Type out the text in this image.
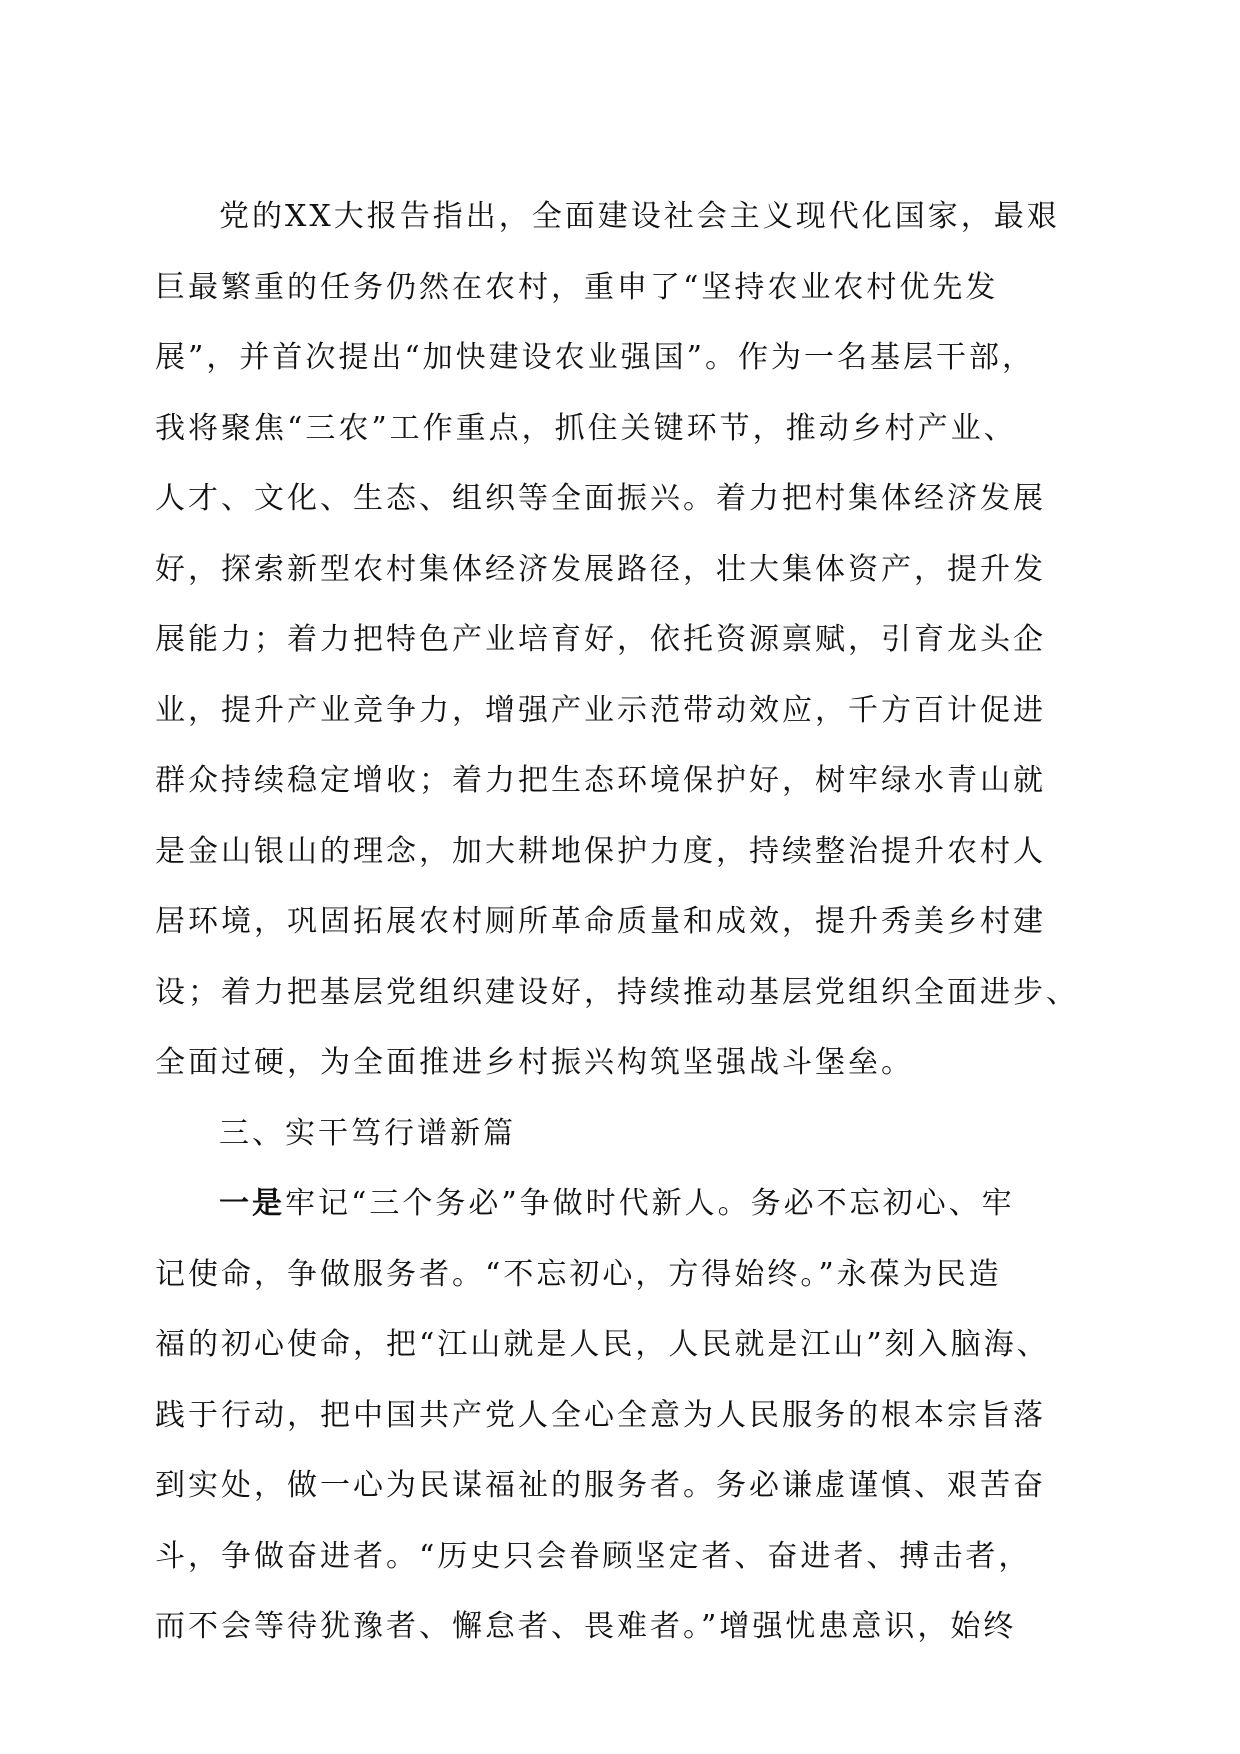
党的XX大报告指出，全面建设社会主义现代化国家，最艰
巨最繁重的任务仍然在农村，重申了“坚持农业农村优先发
展”，并首次提出“加快建设农业强国”。作为一名基层干部，
我将聚焦“三农”工作重点，抓住关键环节，推动乡村产业、
人才、文化、生态、组织等全面振兴。着力把村集体经济发展
好，探索新型农村集体经济发展路径，壮大集体资产，提升发
展能力；着力把特色产业培育好，依托资源禀赋，引育龙头企
业，提升产业竞争力，增强产业示范带动效应，千方百计促进
群众持续稳定增收；着力把生态环境保护好，树牢绿水青山就
是金山银山的理念，加大耕地保护力度，持续整治提升农村人
居环境，巩固拓展农村厕所革命质量和成效，提升秀美乡村建
设；着力把基层党组织建设好，持续推动基层党组织全面进步、
全面过硬，为全面推进乡村振兴构筑坚强战斗堡垒。
三、实干笃行谱新篇
一是牢记“三个务必”争做时代新人。务必不忘初心、牢
记使命，争做服务者。“不忘初心，方得始终。”永葆为民造
福的初心使命，把“江山就是人民，人民就是江山”刻入脑海、
践于行动，把中国共产党人全心全意为人民服务的根本宗旨落
到实处，做一心为民谋福祉的服务者。务必谦虚谨慎、艰苦奋
斗，争做奋进者。“历史只会眷顾坚定者、奋进者、搏击者，
而不会等待犹豫者、懈怠者、畏难者。”增强忧患意识，始终
